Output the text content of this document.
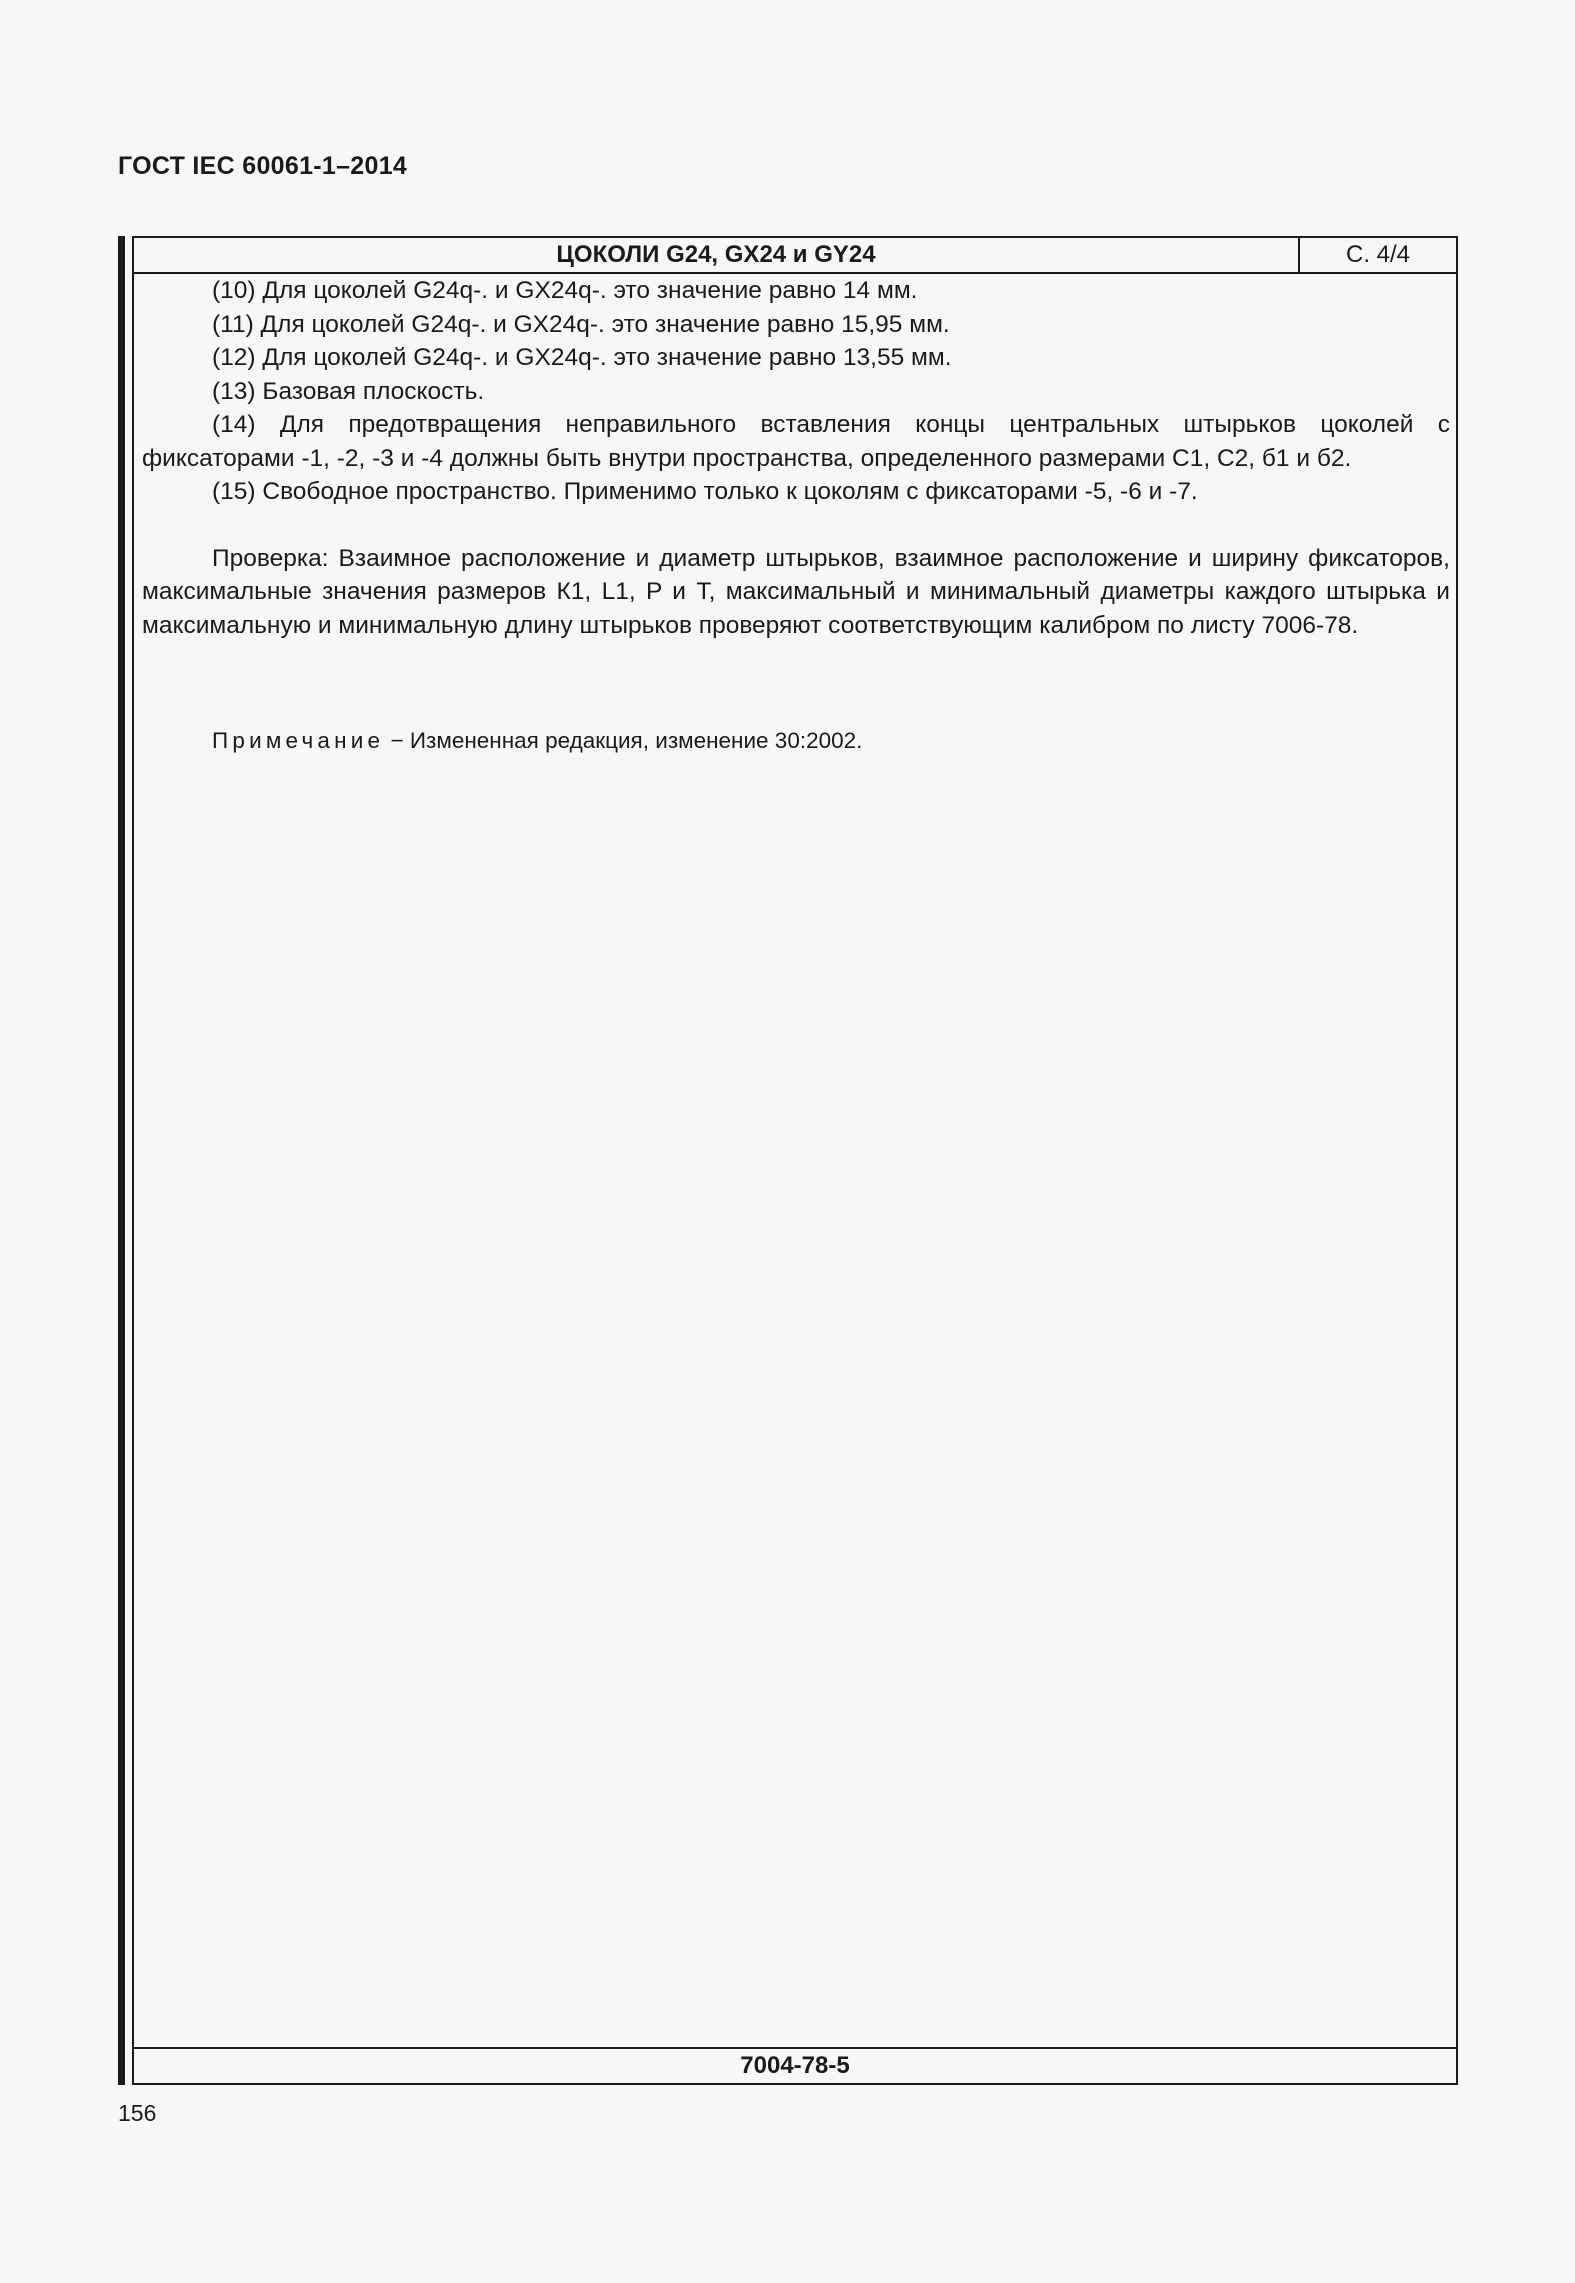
ГОСТ IEC 60061-1–2014
ЦОКОЛИ G24, GX24 и GY24	С. 4/4

(10) Для цоколей G24q-. и GX24q-. это значение равно 14 мм.

(11) Для цоколей G24q-. и GX24q-. это значение равно 15,95 мм.

(12) Для цоколей G24q-. и GX24q-. это значение равно 13,55 мм.

(13) Базовая плоскость.

(14) Для предотвращения неправильного вставления концы центральных штырьков цоколей с фиксаторами -1, -2, -3 и -4 должны быть внутри пространства, определенного размерами С1, С2, б1 и б2.

(15) Свободное пространство. Применимо только к цоколям с фиксаторами -5, -6 и -7.

Проверка: Взаимное расположение и диаметр штырьков, взаимное расположение и ширину фиксаторов, максимальные значения размеров К1, L1, P и T, максимальный и минимальный диаметры каждого штырька и максимальную и минимальную длину штырьков проверяют соответствующим калибром по листу 7006-78.

Примечание − Измененная редакция, изменение 30:2002.

7004-78-5
156
